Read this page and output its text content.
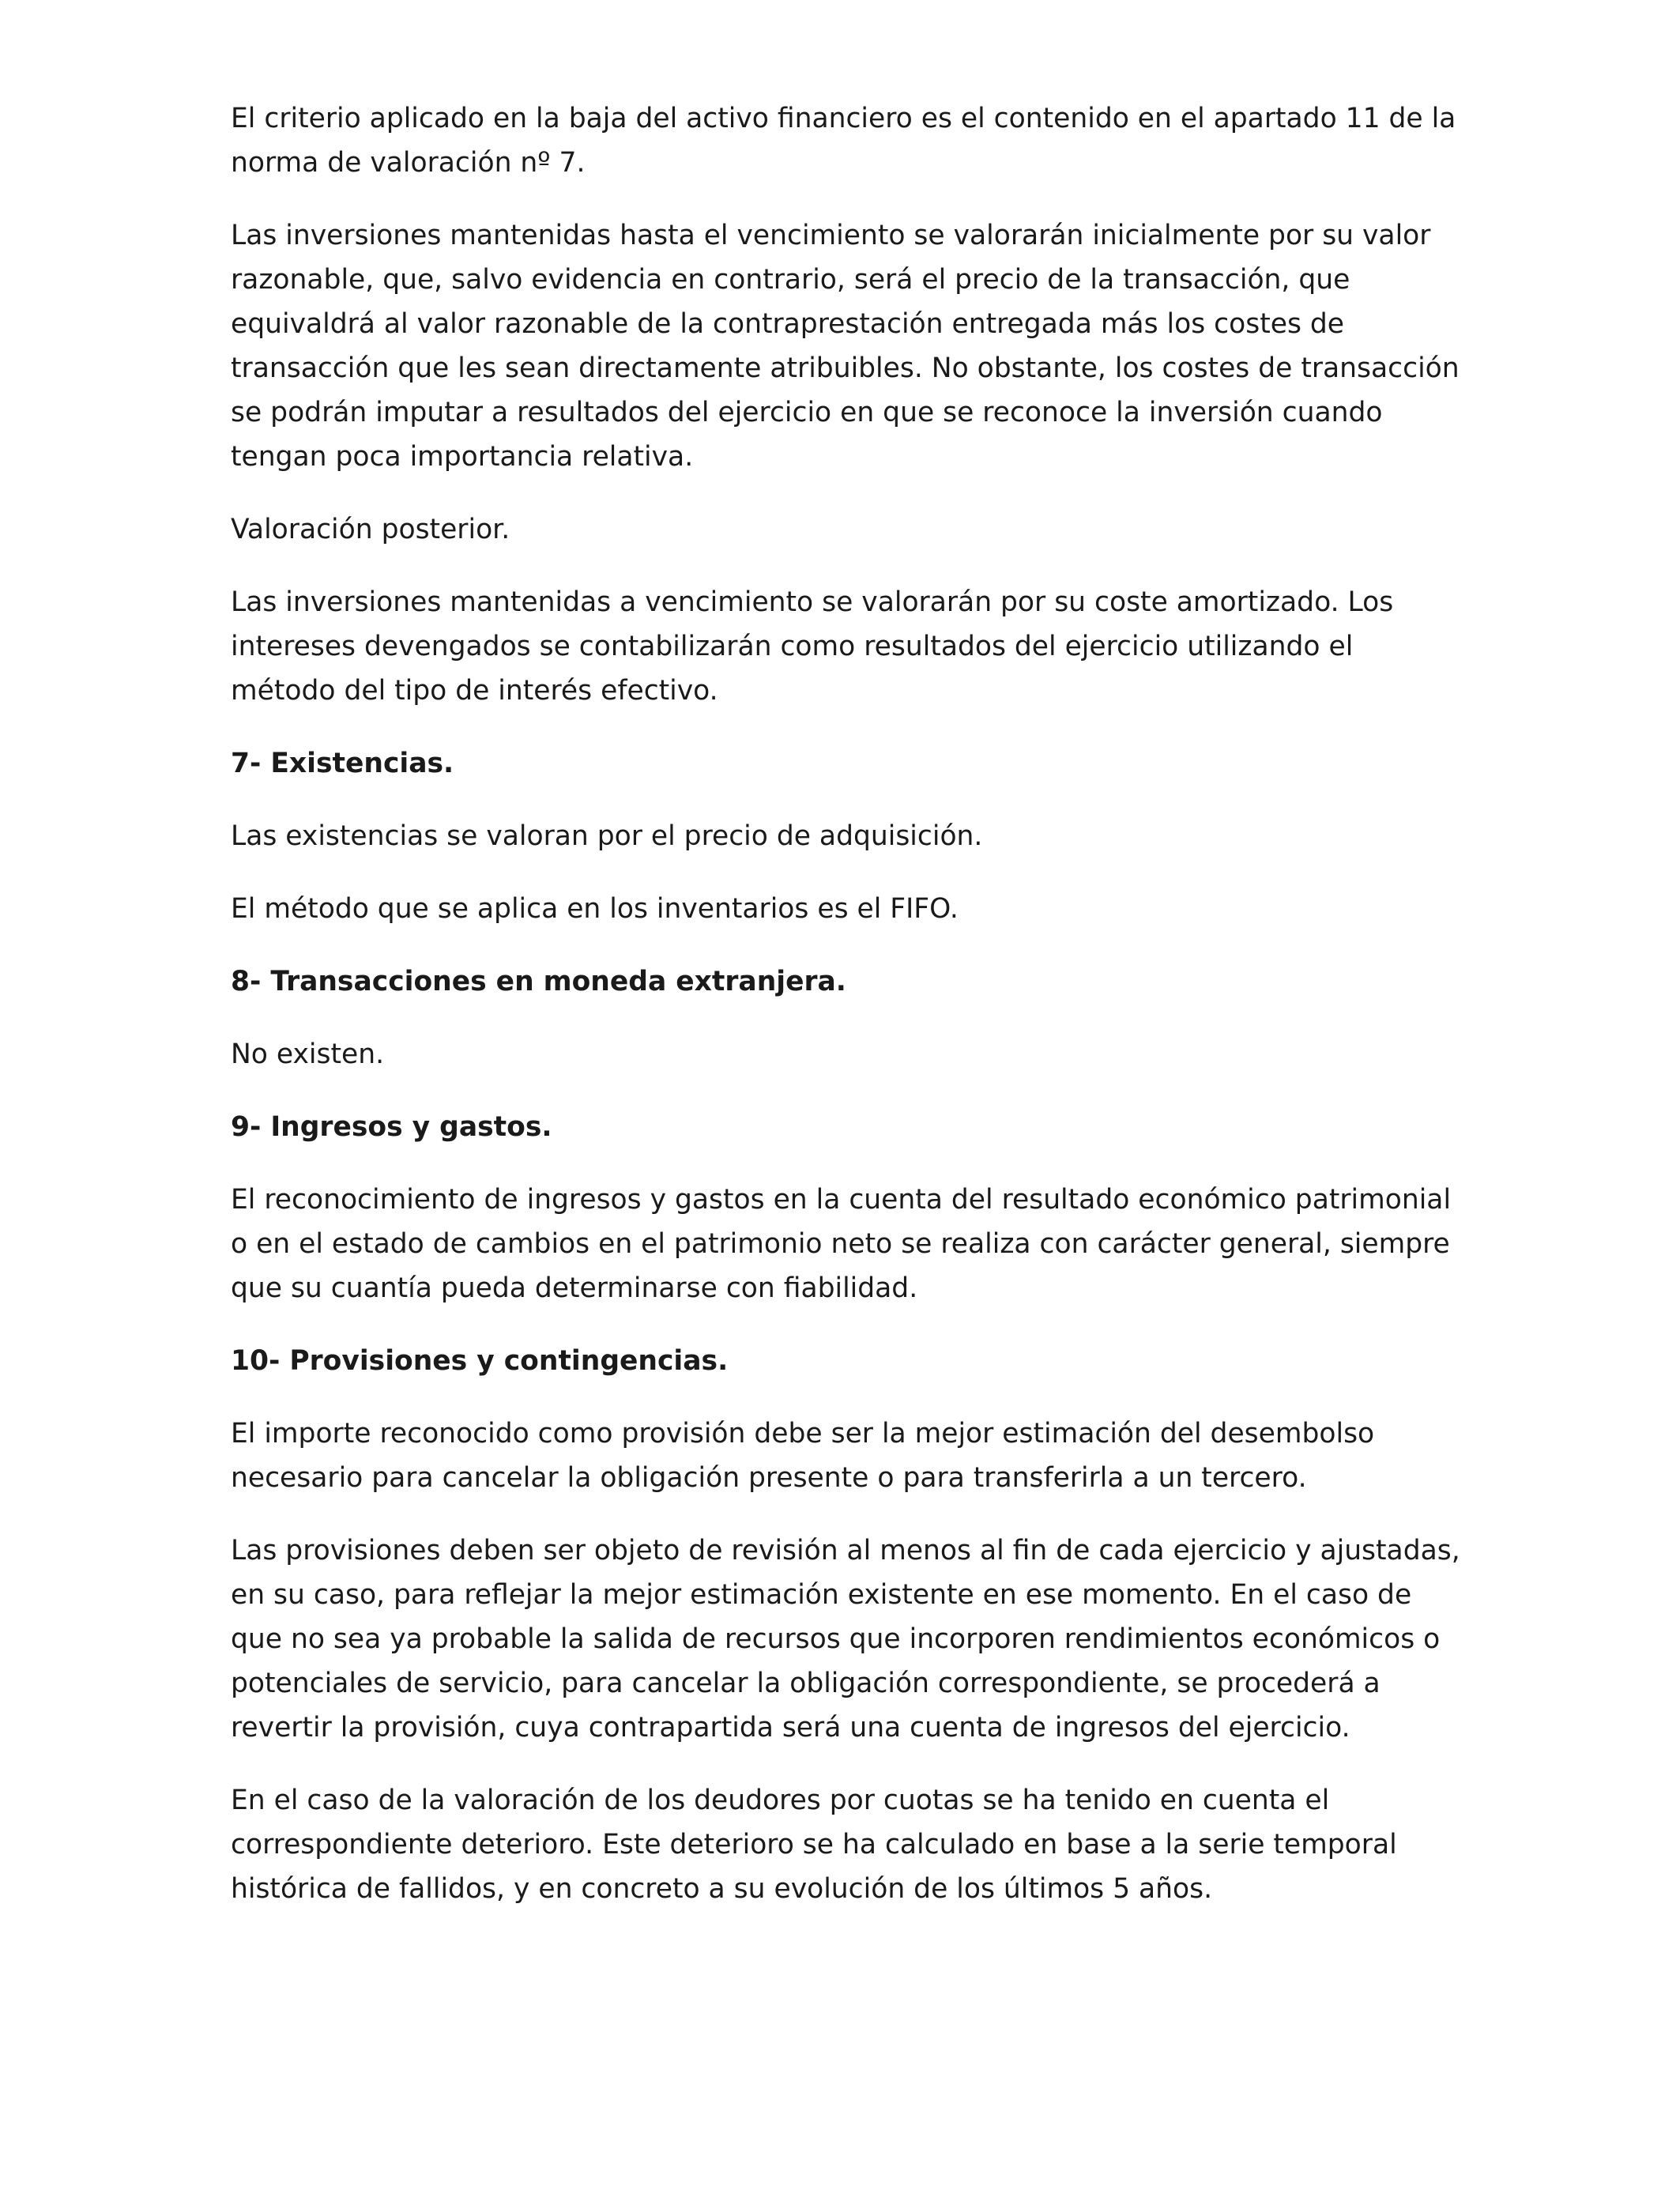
El criterio aplicado en la baja del activo financiero es el contenido en el apartado 11 de la norma de valoración nº 7.

Las inversiones mantenidas hasta el vencimiento se valorarán inicialmente por su valor razonable, que, salvo evidencia en contrario, será el precio de la transacción, que equivaldrá al valor razonable de la contraprestación entregada más los costes de transacción que les sean directamente atribuibles. No obstante, los costes de transacción se podrán imputar a resultados del ejercicio en que se reconoce la inversión cuando tengan poca importancia relativa.

Valoración posterior.

Las inversiones mantenidas a vencimiento se valorarán por su coste amortizado. Los intereses devengados se contabilizarán como resultados del ejercicio utilizando el método del tipo de interés efectivo.

7- Existencias.

Las existencias se valoran por el precio de adquisición.

El método que se aplica en los inventarios es el FIFO.

8- Transacciones en moneda extranjera.

No existen.

9- Ingresos y gastos.

El reconocimiento de ingresos y gastos en la cuenta del resultado económico patrimonial o en el estado de cambios en el patrimonio neto se realiza con carácter general, siempre que su cuantía pueda determinarse con fiabilidad.

10- Provisiones y contingencias.

El importe reconocido como provisión debe ser la mejor estimación del desembolso necesario para cancelar la obligación presente o para transferirla a un tercero.

Las provisiones deben ser objeto de revisión al menos al fin de cada ejercicio y ajustadas, en su caso, para reflejar la mejor estimación existente en ese momento. En el caso de que no sea ya probable la salida de recursos que incorporen rendimientos económicos o potenciales de servicio, para cancelar la obligación correspondiente, se procederá a revertir la provisión, cuya contrapartida será una cuenta de ingresos del ejercicio.

En el caso de la valoración de los deudores por cuotas se ha tenido en cuenta el correspondiente deterioro. Este deterioro se ha calculado en base a la serie temporal histórica de fallidos, y en concreto a su evolución de los últimos 5 años.
